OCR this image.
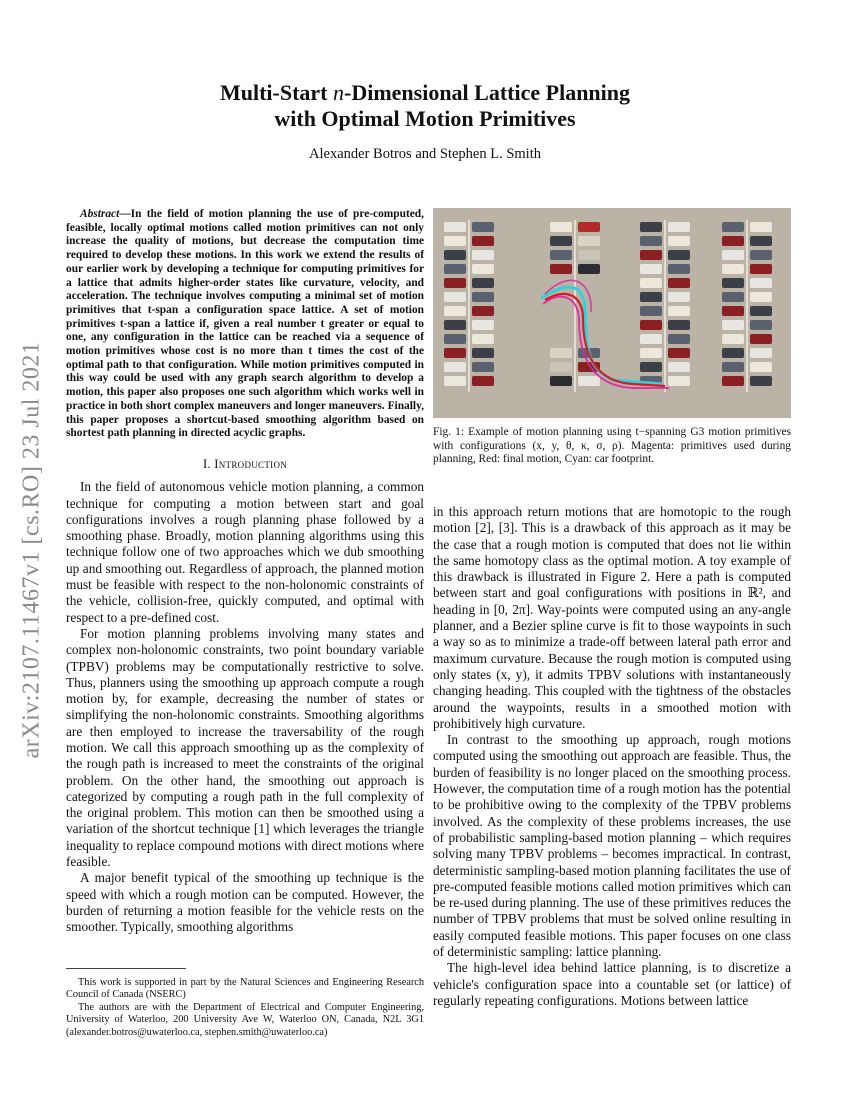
arXiv:2107.11467v1 [cs.RO] 23 Jul 2021
Multi-Start n-Dimensional Lattice Planning
with Optimal Motion Primitives
Alexander Botros and Stephen L. Smith

Abstract—In the field of motion planning the use of pre-computed, feasible, locally optimal motions called motion primitives can not only increase the quality of motions, but decrease the computation time required to develop these motions. In this work we extend the results of our earlier work by developing a technique for computing primitives for a lattice that admits higher-order states like curvature, velocity, and acceleration. The technique involves computing a minimal set of motion primitives that t-span a configuration space lattice. A set of motion primitives t-span a lattice if, given a real number t greater or equal to one, any configuration in the lattice can be reached via a sequence of motion primitives whose cost is no more than t times the cost of the optimal path to that configuration. While motion primitives computed in this way could be used with any graph search algorithm to develop a motion, this paper also proposes one such algorithm which works well in practice in both short complex maneuvers and longer maneuvers. Finally, this paper proposes a shortcut-based smoothing algorithm based on shortest path planning in directed acyclic graphs.

I. Introduction

In the field of autonomous vehicle motion planning, a common technique for computing a motion between start and goal configurations involves a rough planning phase followed by a smoothing phase. Broadly, motion planning algorithms using this technique follow one of two approaches which we dub smoothing up and smoothing out. Regardless of approach, the planned motion must be feasible with respect to the non-holonomic constraints of the vehicle, collision-free, quickly computed, and optimal with respect to a pre-defined cost.

For motion planning problems involving many states and complex non-holonomic constraints, two point boundary variable (TPBV) problems may be computationally restrictive to solve. Thus, planners using the smoothing up approach compute a rough motion by, for example, decreasing the number of states or simplifying the non-holonomic constraints. Smoothing algorithms are then employed to increase the traversability of the rough motion. We call this approach smoothing up as the complexity of the rough path is increased to meet the constraints of the original problem. On the other hand, the smoothing out approach is categorized by computing a rough path in the full complexity of the original problem. This motion can then be smoothed using a variation of the shortcut technique [1] which leverages the triangle inequality to replace compound motions with direct motions where feasible.

A major benefit typical of the smoothing up technique is the speed with which a rough motion can be computed. However, the burden of returning a motion feasible for the vehicle rests on the smoother. Typically, smoothing algorithms

Fig. 1: Example of motion planning using t−spanning G3 motion primitives with configurations (x, y, θ, κ, σ, ρ). Magenta: primitives used during planning, Red: final motion, Cyan: car footprint.

in this approach return motions that are homotopic to the rough motion [2], [3]. This is a drawback of this approach as it may be the case that a rough motion is computed that does not lie within the same homotopy class as the optimal motion. A toy example of this drawback is illustrated in Figure 2. Here a path is computed between start and goal configurations with positions in ℝ², and heading in [0, 2π]. Way-points were computed using an any-angle planner, and a Bezier spline curve is fit to those waypoints in such a way so as to minimize a trade-off between lateral path error and maximum curvature. Because the rough motion is computed using only states (x, y), it admits TPBV solutions with instantaneously changing heading. This coupled with the tightness of the obstacles around the waypoints, results in a smoothed motion with prohibitively high curvature.

In contrast to the smoothing up approach, rough motions computed using the smoothing out approach are feasible. Thus, the burden of feasibility is no longer placed on the smoothing process. However, the computation time of a rough motion has the potential to be prohibitive owing to the complexity of the TPBV problems involved. As the complexity of these problems increases, the use of probabilistic sampling-based motion planning – which requires solving many TPBV problems – becomes impractical. In contrast, deterministic sampling-based motion planning facilitates the use of pre-computed feasible motions called motion primitives which can be re-used during planning. The use of these primitives reduces the number of TPBV problems that must be solved online resulting in easily computed feasible motions. This paper focuses on one class of deterministic sampling: lattice planning.

The high-level idea behind lattice planning, is to discretize a vehicle's configuration space into a countable set (or lattice) of regularly repeating configurations. Motions between lattice

This work is supported in part by the Natural Sciences and Engineering Research Council of Canada (NSERC)

The authors are with the Department of Electrical and Computer Engineering, University of Waterloo, 200 University Ave W, Waterloo ON, Canada, N2L 3G1 (alexander.botros@uwaterloo.ca, stephen.smith@uwaterloo.ca)
